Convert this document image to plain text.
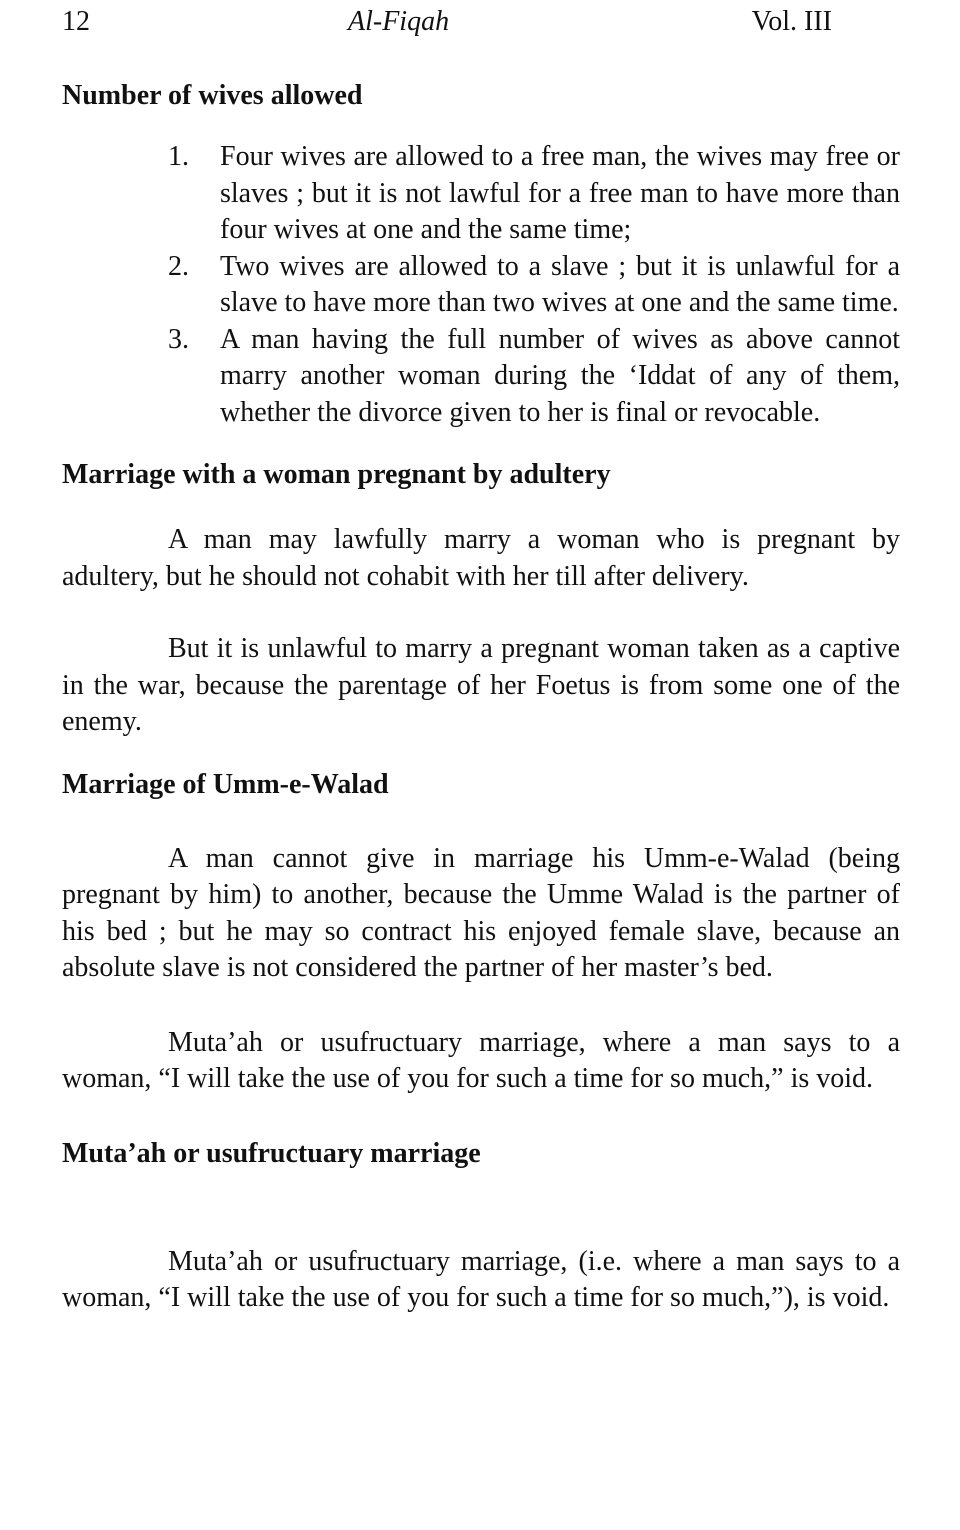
12	Al-Fiqah	Vol. III
Number of wives allowed
1. Four wives are allowed to a free man, the wives may free or slaves ; but it is not lawful for a free man to have more than four wives at one and the same time;
2. Two wives are allowed to a slave ; but it is unlawful for a slave to have more than two wives at one and the same time.
3. A man having the full number of wives as above cannot marry another woman during the ‘Iddat of any of them, whether the divorce given to her is final or revocable.
Marriage with a woman pregnant by adultery

A man may lawfully marry a woman who is pregnant by adultery, but he should not cohabit with her till after delivery.

But it is unlawful to marry a pregnant woman taken as a captive in the war, because the parentage of her Foetus is from some one of the enemy.

Marriage of Umm-e-Walad

A man cannot give in marriage his Umm-e-Walad (being pregnant by him) to another, because the Umme Walad is the partner of his bed ; but he may so contract his enjoyed female slave, because an absolute slave is not considered the partner of her master’s bed.

Muta’ah or usufructuary marriage, where a man says to a woman, “I will take the use of you for such a time for so much,” is void.

Muta’ah or usufructuary marriage

Muta’ah or usufructuary marriage, (i.e. where a man says to a woman, “I will take the use of you for such a time for so much,”), is void.
